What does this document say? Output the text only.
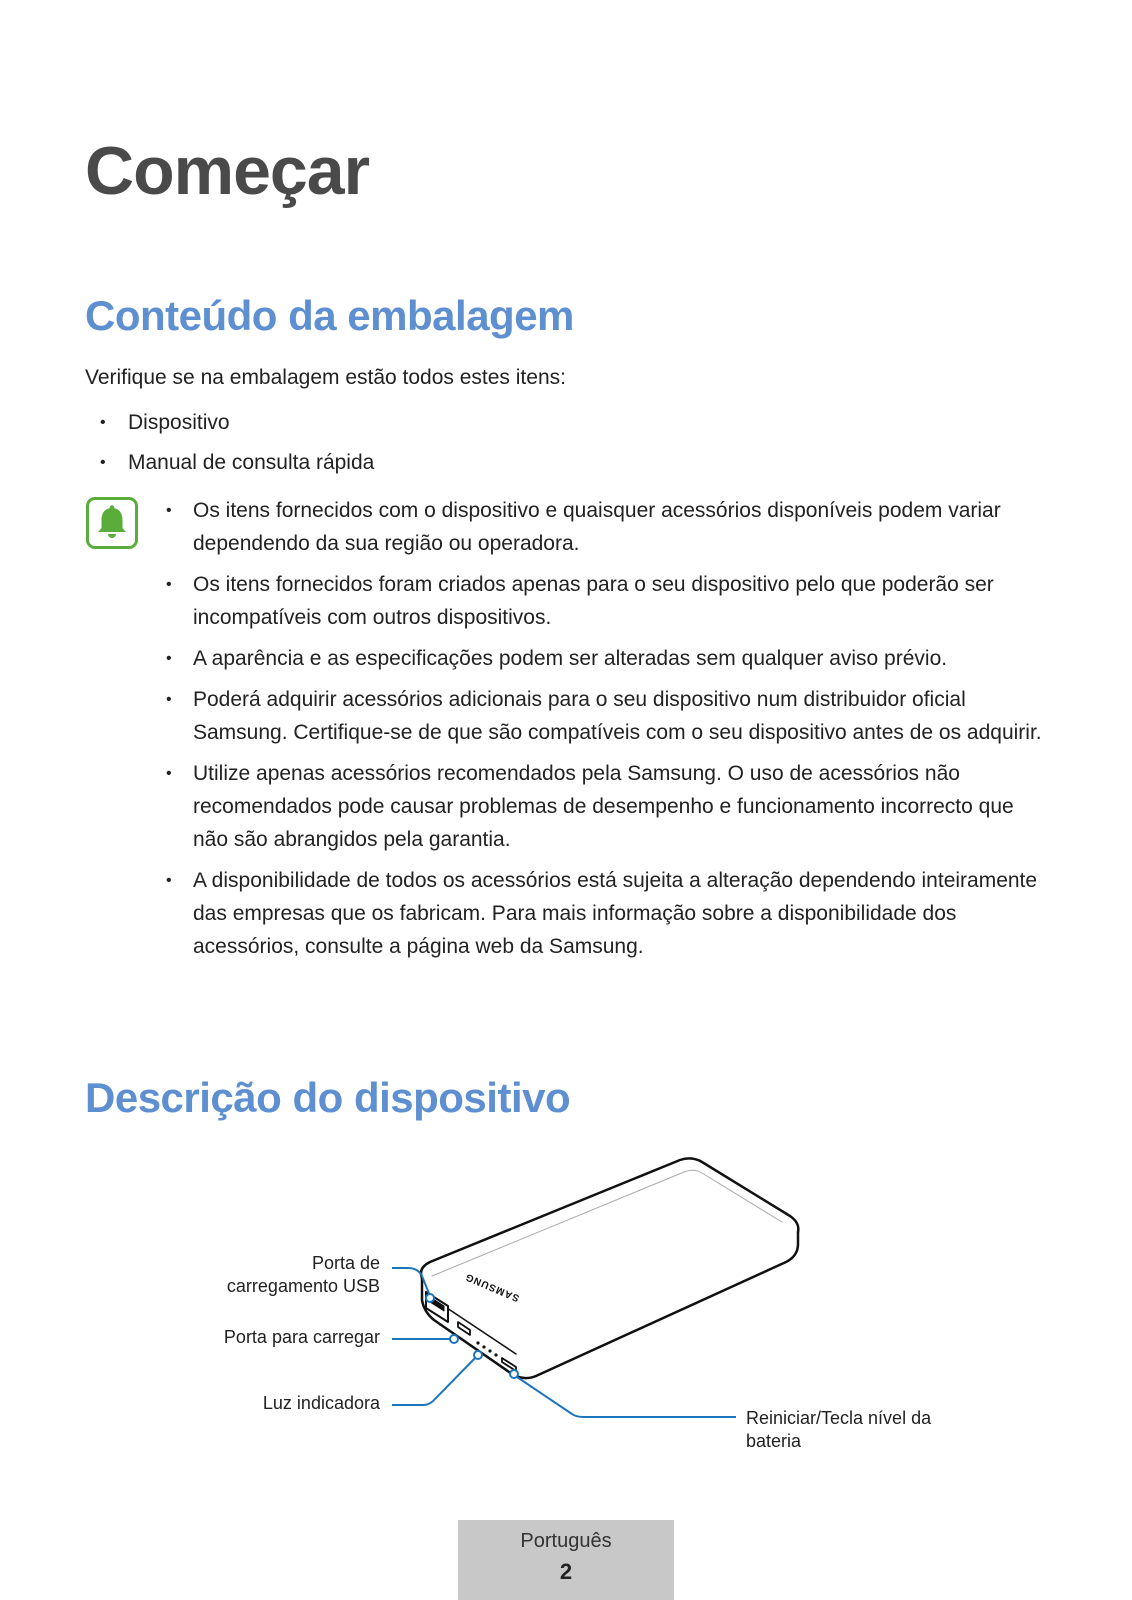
Começar
Conteúdo da embalagem

Verifique se na embalagem estão todos estes itens:

• Dispositivo
• Manual de consulta rápida
• Os itens fornecidos com o dispositivo e quaisquer acessórios disponíveis podem variar dependendo da sua região ou operadora.
• Os itens fornecidos foram criados apenas para o seu dispositivo pelo que poderão ser incompatíveis com outros dispositivos.
• A aparência e as especificações podem ser alteradas sem qualquer aviso prévio.
• Poderá adquirir acessórios adicionais para o seu dispositivo num distribuidor oficial Samsung. Certifique-se de que são compatíveis com o seu dispositivo antes de os adquirir.
• Utilize apenas acessórios recomendados pela Samsung. O uso de acessórios não recomendados pode causar problemas de desempenho e funcionamento incorrecto que não são abrangidos pela garantia.
• A disponibilidade de todos os acessórios está sujeita a alteração dependendo inteiramente das empresas que os fabricam. Para mais informação sobre a disponibilidade dos acessórios, consulte a página web da Samsung.
Descrição do dispositivo
SAMSUNG
Porta de
carregamento USB
Porta para carregar
Luz indicadora
Reiniciar/Tecla nível da
bateria
Português
2
